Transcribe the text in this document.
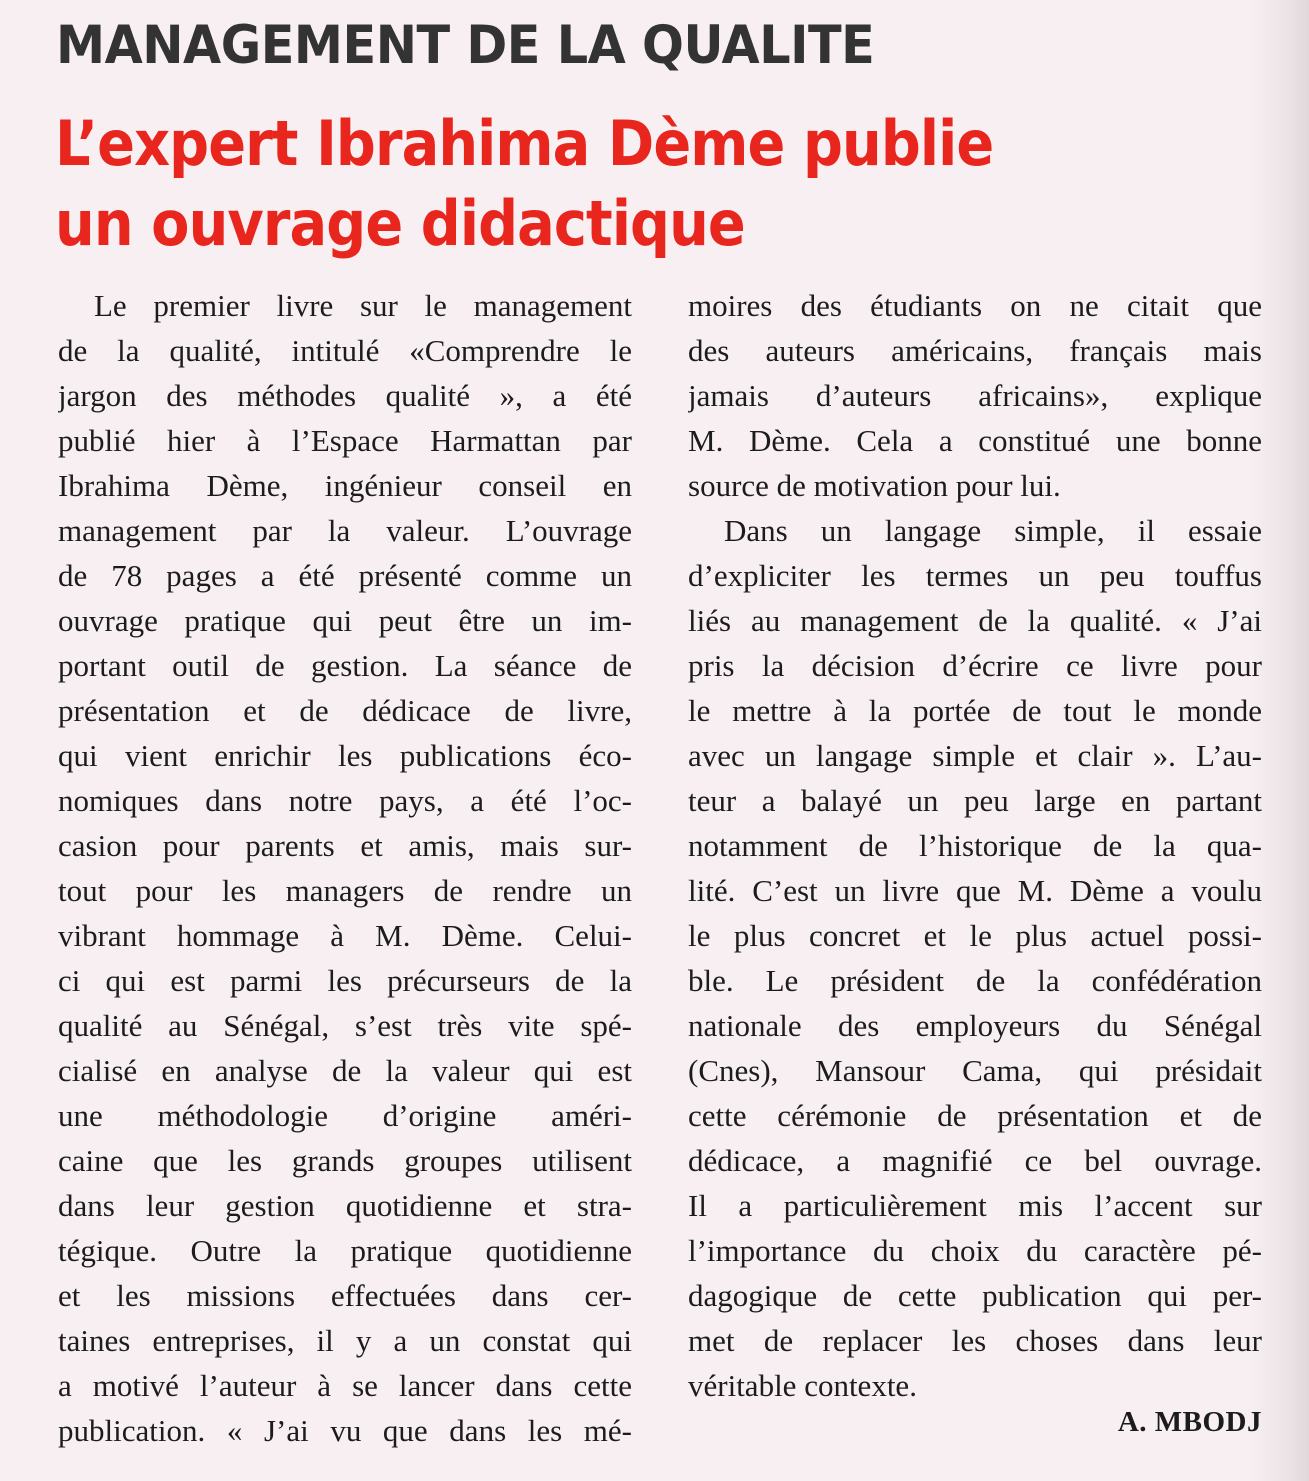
MANAGEMENT DE LA QUALITE
L’expert Ibrahima Dème publie
un ouvrage didactique
Le premier livre sur le management
de la qualité, intitulé «Comprendre le
jargon des méthodes qualité », a été
publié hier à l’Espace Harmattan par
Ibrahima Dème, ingénieur conseil en
management par la valeur. L’ouvrage
de 78 pages a été présenté comme un
ouvrage pratique qui peut être un im-
portant outil de gestion. La séance de
présentation et de dédicace de livre,
qui vient enrichir les publications éco-
nomiques dans notre pays, a été l’oc-
casion pour parents et amis, mais sur-
tout pour les managers de rendre un
vibrant hommage à M. Dème. Celui-
ci qui est parmi les précurseurs de la
qualité au Sénégal, s’est très vite spé-
cialisé en analyse de la valeur qui est
une méthodologie d’origine améri-
caine que les grands groupes utilisent
dans leur gestion quotidienne et stra-
tégique. Outre la pratique quotidienne
et les missions effectuées dans cer-
taines entreprises, il y a un constat qui
a motivé l’auteur à se lancer dans cette
publication. « J’ai vu que dans les mé-
moires des étudiants on ne citait que
des auteurs américains, français mais
jamais d’auteurs africains», explique
M. Dème. Cela a constitué une bonne
source de motivation pour lui.
Dans un langage simple, il essaie
d’expliciter les termes un peu touffus
liés au management de la qualité. « J’ai
pris la décision d’écrire ce livre pour
le mettre à la portée de tout le monde
avec un langage simple et clair ». L’au-
teur a balayé un peu large en partant
notamment de l’historique de la qua-
lité. C’est un livre que M. Dème a voulu
le plus concret et le plus actuel possi-
ble. Le président de la confédération
nationale des employeurs du Sénégal
(Cnes), Mansour Cama, qui présidait
cette cérémonie de présentation et de
dédicace, a magnifié ce bel ouvrage.
Il a particulièrement mis l’accent sur
l’importance du choix du caractère pé-
dagogique de cette publication qui per-
met de replacer les choses dans leur
véritable contexte.
A. MBODJ
